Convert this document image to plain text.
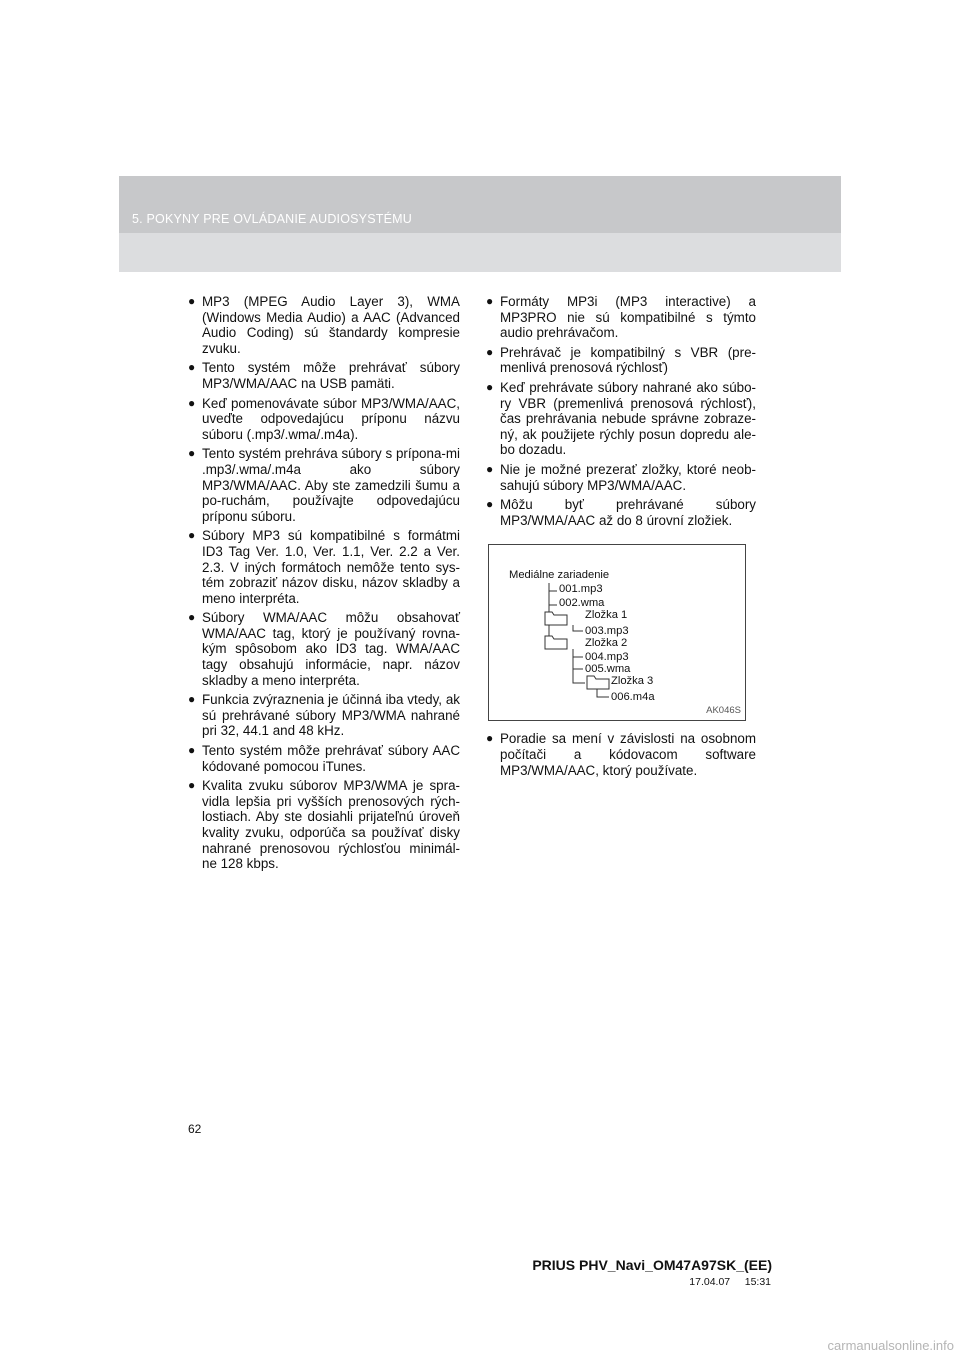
5. POKYNY PRE OVLÁDANIE AUDIOSYSTÉMU
● MP3 (MPEG Audio Layer 3), WMA (Windows Media Audio) a AAC (Advanced Audio Coding) sú štandardy kompresie zvuku.
● Tento systém môže prehrávať súbory MP3/WMA/AAC na USB pamäti.
● Keď pomenovávate súbor MP3/WMA/AAC, uveďte odpovedajúcu príponu názvu súboru (.mp3/.wma/.m4a).
● Tento systém prehráva súbory s prípona-mi .mp3/.wma/.m4a ako súbory MP3/WMA/AAC. Aby ste zamedzili šumu a po-ruchám, používajte odpovedajúcu príponu súboru.
● Súbory MP3 sú kompatibilné s formátmi ID3 Tag Ver. 1.0, Ver. 1.1, Ver. 2.2 a Ver. 2.3. V iných formátoch nemôže tento sys-tém zobraziť názov disku, názov skladby a meno interpréta.
● Súbory WMA/AAC môžu obsahovať WMA/AAC tag, ktorý je používaný rovna-kým spôsobom ako ID3 tag. WMA/AAC tagy obsahujú informácie, napr. názov skladby a meno interpréta.
● Funkcia zvýraznenia je účinná iba vtedy, ak sú prehrávané súbory MP3/WMA nahrané pri 32, 44.1 and 48 kHz.
● Tento systém môže prehrávať súbory AAC kódované pomocou iTunes.
● Kvalita zvuku súborov MP3/WMA je spra-vidla lepšia pri vyšších prenosových rých-lostiach. Aby ste dosiahli prijateľnú úroveň kvality zvuku, odporúča sa používať disky nahrané prenosovou rýchlosťou minimál-ne 128 kbps.
● Formáty MP3i (MP3 interactive) a MP3PRO nie sú kompatibilné s týmto audio prehrávačom.
● Prehrávač je kompatibilný s VBR (pre-menlivá prenosová rýchlosť)
● Keď prehrávate súbory nahrané ako súbo-ry VBR (premenlivá prenosová rýchlosť), čas prehrávania nebude správne zobraze-ný, ak použijete rýchly posun dopredu ale-bo dozadu.
● Nie je možné prezerať zložky, ktoré neob-sahujú súbory MP3/WMA/AAC.
● Môžu byť prehrávané súbory MP3/WMA/AAC až do 8 úrovní zložiek.
Mediálne zariadenie
001.mp3
002.wma
Zložka 1
003.mp3
Zložka 2
004.mp3
005.wma
Zložka 3
006.m4a
AK046S
● Poradie sa mení v závislosti na osobnom počítači a kódovacom software MP3/WMA/AAC, ktorý používate.
62
PRIUS PHV_Navi_OM47A97SK_(EE)
17.04.07     15:31
carmanualsonline.info
